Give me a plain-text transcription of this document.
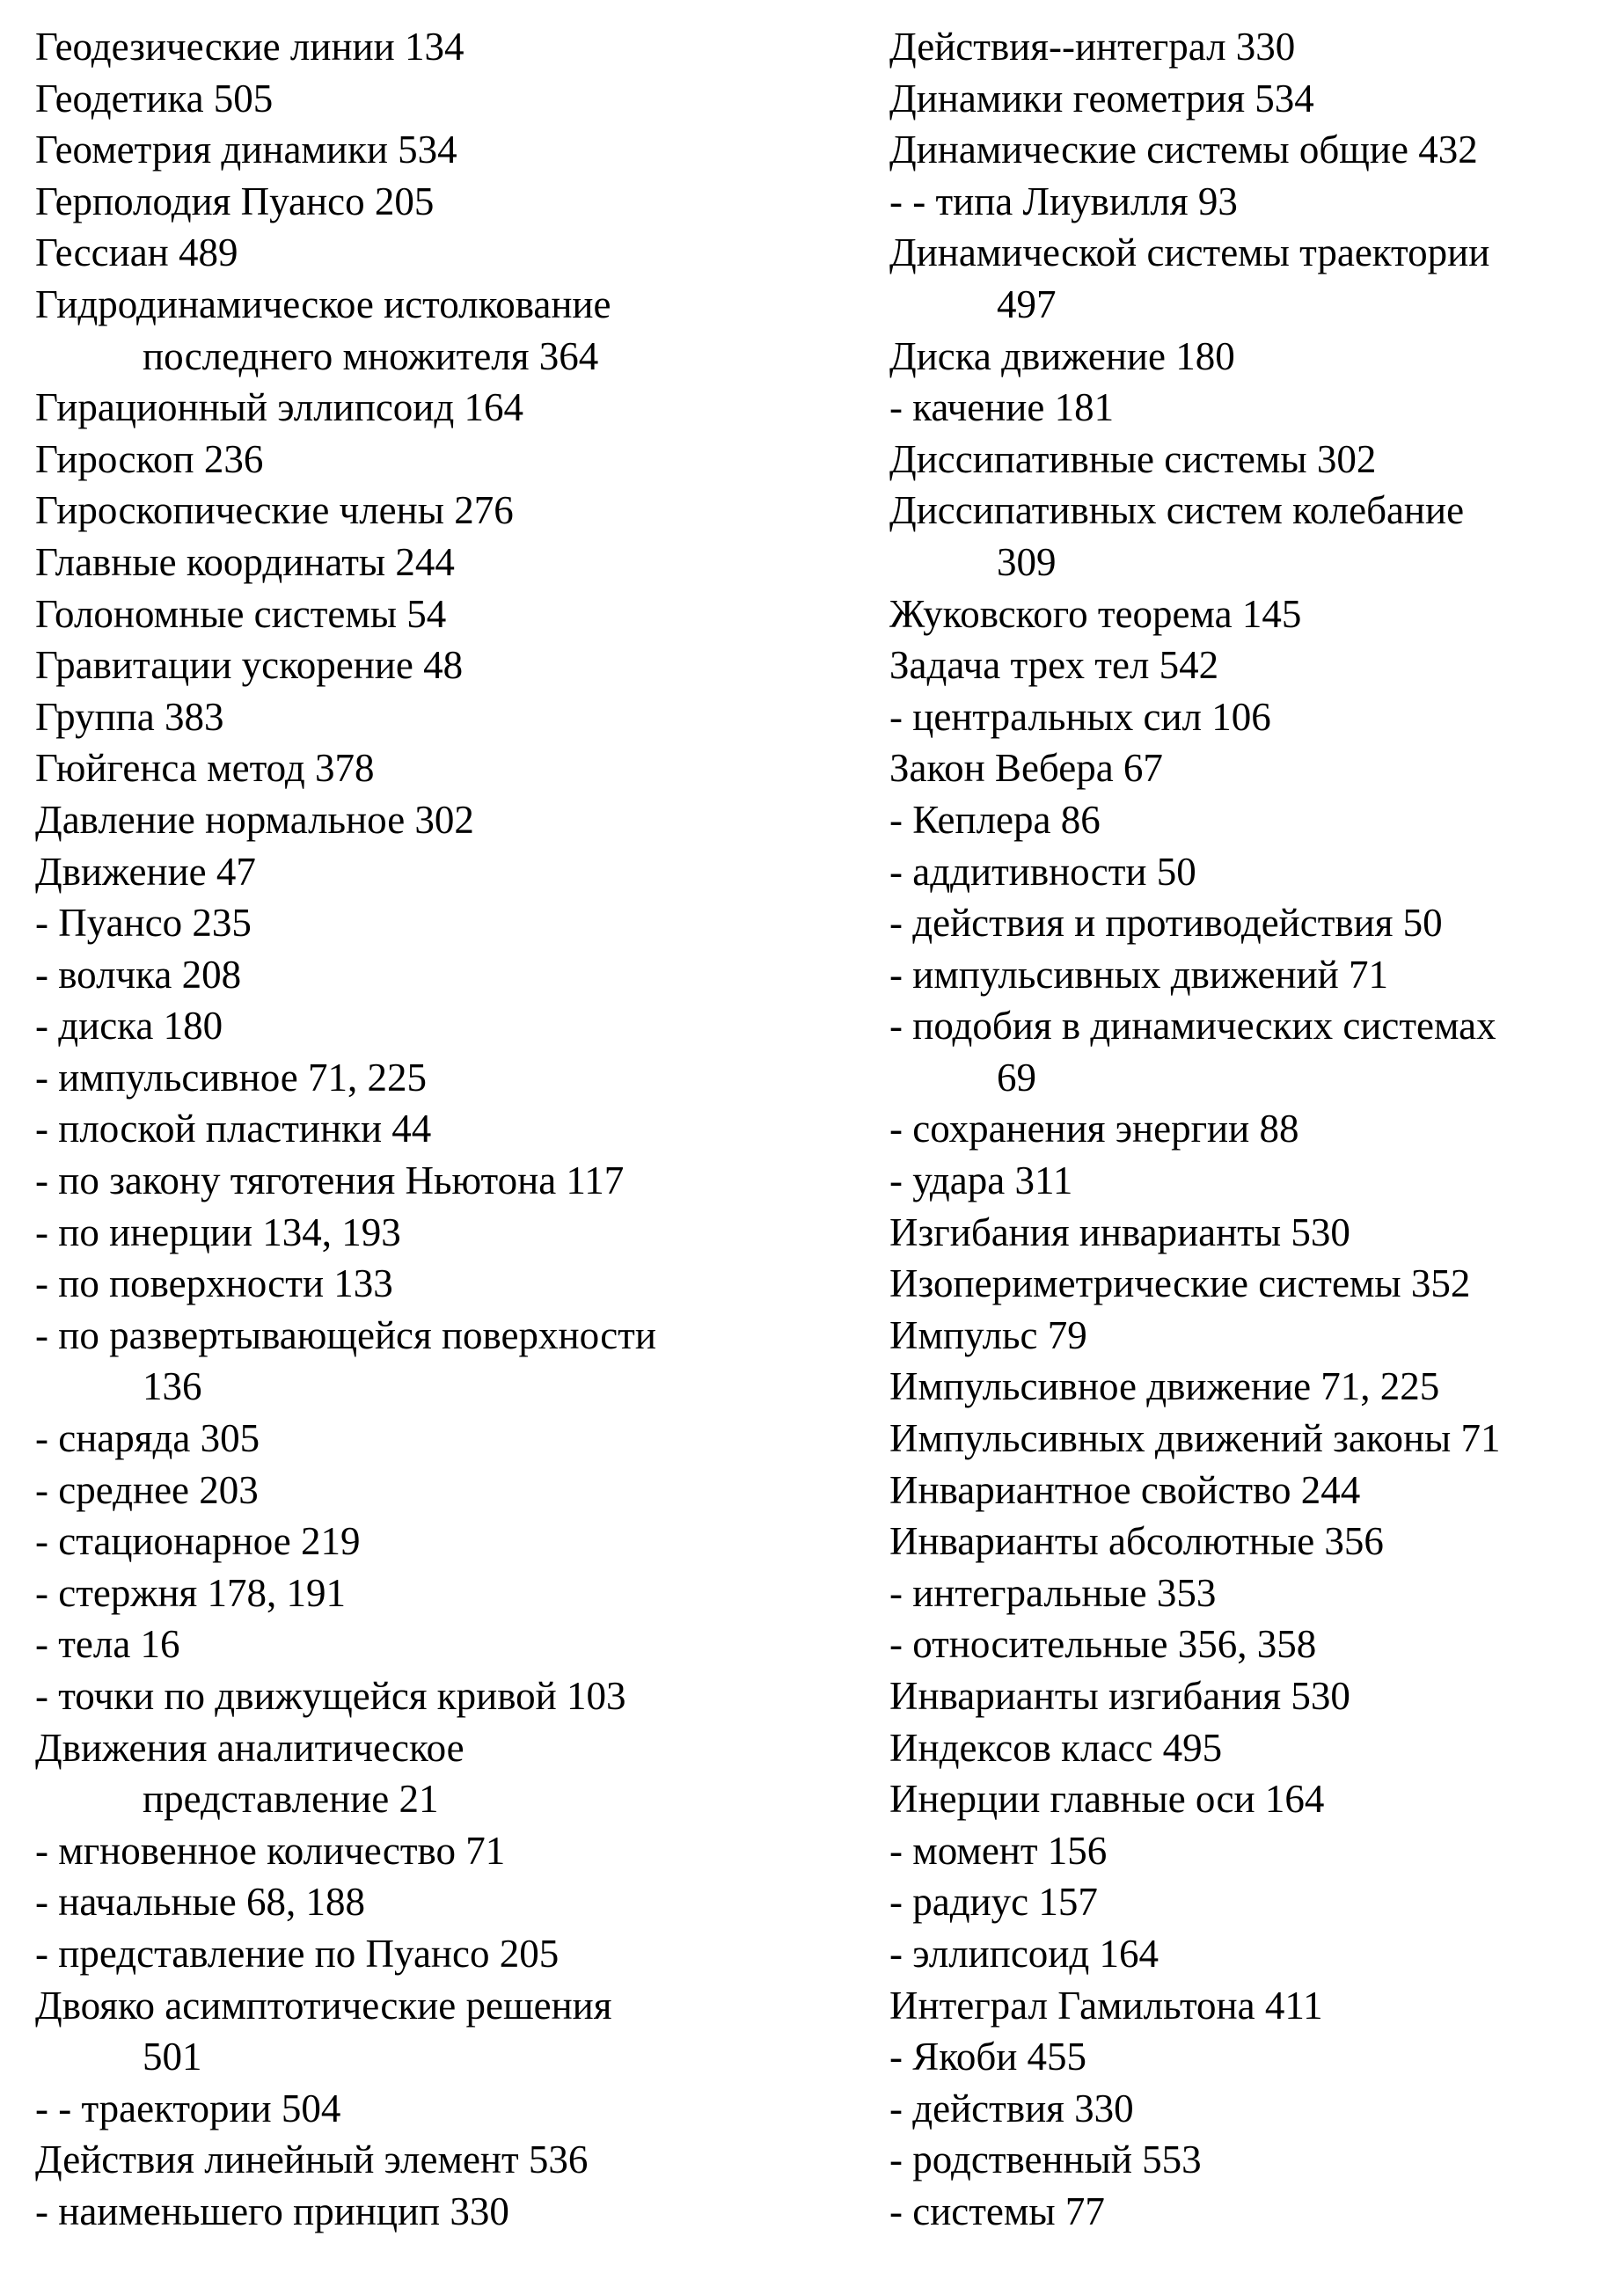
Геодезические линии 134
Геодетика 505
Геометрия динамики 534
Герполодия Пуансо 205
Гессиан 489
Гидродинамическое истолкование
последнего множителя 364
Гирационный эллипсоид 164
Гироскоп 236
Гироскопические члены 276
Главные координаты 244
Голономные системы 54
Гравитации ускорение 48
Группа 383
Гюйгенса метод 378
Давление нормальное 302
Движение 47
- Пуансо 235
- волчка 208
- диска 180
- импульсивное 71, 225
- плоской пластинки 44
- по закону тяготения Ньютона 117
- по инерции 134, 193
- по поверхности 133
- по развертывающейся поверхности
136
- снаряда 305
- среднее 203
- стационарное 219
- стержня 178, 191
- тела 16
- точки по движущейся кривой 103
Движения аналитическое
представление 21
- мгновенное количество 71
- начальные 68, 188
- представление по Пуансо 205
Двояко асимптотические решения
501
- - траектории 504
Действия линейный элемент 536
- наименьшего принцип 330
Действия--интеграл 330
Динамики геометрия 534
Динамические системы общие 432
- - типа Лиувилля 93
Динамической системы траектории
497
Диска движение 180
- качение 181
Диссипативные системы 302
Диссипативных систем колебание
309
Жуковского теорема 145
Задача трех тел 542
- центральных сил 106
Закон Вебера 67
- Кеплера 86
- аддитивности 50
- действия и противодействия 50
- импульсивных движений 71
- подобия в динамических системах
69
- сохранения энергии 88
- удара 311
Изгибания инварианты 530
Изопериметрические системы 352
Импульс 79
Импульсивное движение 71, 225
Импульсивных движений законы 71
Инвариантное свойство 244
Инварианты абсолютные 356
- интегральные 353
- относительные 356, 358
Инварианты изгибания 530
Индексов класс 495
Инерции главные оси 164
- момент 156
- радиус 157
- эллипсоид 164
Интеграл Гамильтона 411
- Якоби 455
- действия 330
- родственный 553
- системы 77
